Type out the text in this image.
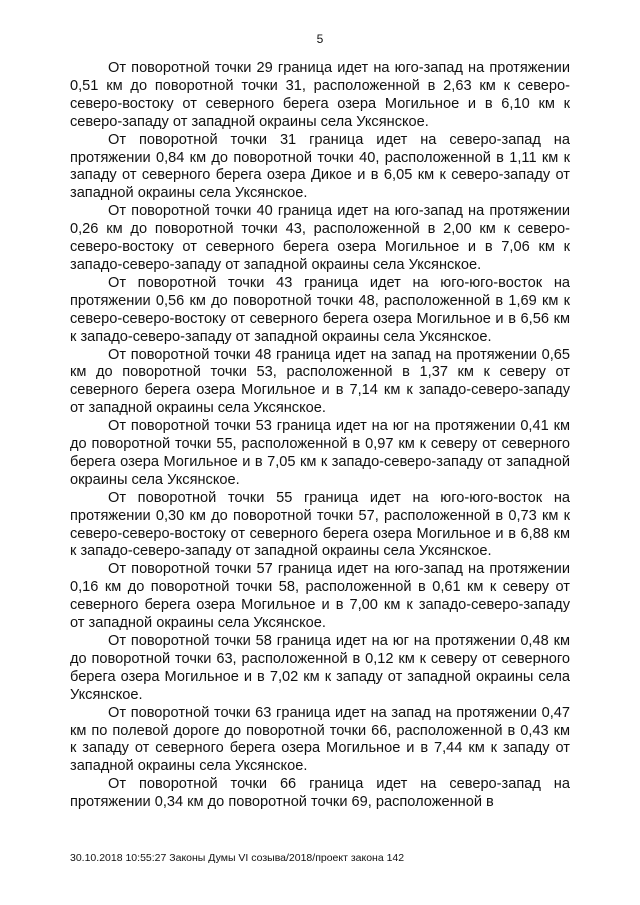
5

От поворотной точки 29 граница идет на юго-запад на протяжении 0,51 км до поворотной точки 31, расположенной в 2,63 км к северо-северо-востоку от северного берега озера Могильное и в 6,10 км к северо-западу от западной окраины села Уксянское.

От поворотной точки 31 граница идет на северо-запад на протяжении 0,84 км до поворотной точки 40, расположенной в 1,11 км к западу от северного берега озера Дикое и в 6,05 км к северо-западу от западной окраины села Уксянское.

От поворотной точки 40 граница идет на юго-запад на протяжении 0,26 км до поворотной точки 43, расположенной в 2,00 км к северо-северо-востоку от северного берега озера Могильное и в 7,06 км к западо-северо-западу от западной окраины села Уксянское.

От поворотной точки 43 граница идет на юго-юго-восток на протяжении 0,56 км до поворотной точки 48, расположенной в 1,69 км к северо-северо-востоку от северного берега озера Могильное и в 6,56 км к западо-северо-западу от западной окраины села Уксянское.

От поворотной точки 48 граница идет на запад на протяжении 0,65 км до поворотной точки 53, расположенной в 1,37 км к северу от северного берега озера Могильное и в 7,14 км к западо-северо-западу от западной окраины села Уксянское.

От поворотной точки 53 граница идет на юг на протяжении 0,41 км до поворотной точки 55, расположенной в 0,97 км к северу от северного берега озера Могильное и в 7,05 км к западо-северо-западу от западной окраины села Уксянское.

От поворотной точки 55 граница идет на юго-юго-восток на протяжении 0,30 км до поворотной точки 57, расположенной в 0,73 км к северо-северо-востоку от северного берега озера Могильное и в 6,88 км к западо-северо-западу от западной окраины села Уксянское.

От поворотной точки 57 граница идет на юго-запад на протяжении 0,16 км до поворотной точки 58, расположенной в 0,61 км к северу от северного берега озера Могильное и в 7,00 км к западо-северо-западу от западной окраины села Уксянское.

От поворотной точки 58 граница идет на юг на протяжении 0,48 км до поворотной точки 63, расположенной в 0,12 км к северу от северного берега озера Могильное и в 7,02 км к западу от западной окраины села Уксянское.

От поворотной точки 63 граница идет на запад на протяжении 0,47 км по полевой дороге до поворотной точки 66, расположенной в 0,43 км к западу от северного берега озера Могильное и в 7,44 км к западу от западной окраины села Уксянское.

От поворотной точки 66 граница идет на северо-запад на протяжении 0,34 км до поворотной точки 69, расположенной в

30.10.2018 10:55:27 Законы Думы VI созыва/2018/проект закона 142
